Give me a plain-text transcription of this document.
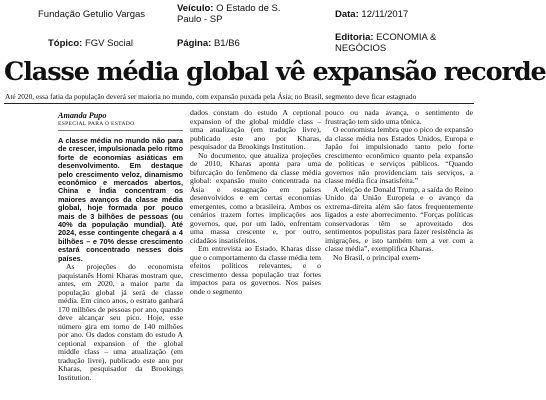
Fundação Getulio Vargas
Veículo: O Estado de S. Paulo - SP	Data: 12/11/2017
Tópico: FGV Social	Página: B1/B6
Editoria: ECONOMIA & NEGÓCIOS
Classe média global vê expansão recorde
Até 2020, essa fatia da população deverá ser maioria no mundo, com expansão puxada pela Ásia; no Brasil, segmento deve ficar estagnado
Amanda Pupo
ESPECIAL PARA O ESTADO

A classe média no mundo não para de crescer, impulsionada pelo ritmo forte de economias asiáticas em desenvolvimento. Em destaque pelo crescimento veloz, dinamismo econômico e mercados abertos, China e Índia concentram os maiores avanços da classe média global, hoje formada por pouco mais de 3 bilhões de pessoas (ou 40% da população mundial). Até 2024, esse contingente chegará a 4 bilhões – e 70% desse crescimento estará concentrado nesses dois países.

As projeções do economista paquistanês Homi Kharas mostram que, antes, em 2020, a maior parte da população global já será de classe média. Em cinco anos, o estrato ganhará 170 milhões de pessoas por ano, quando deve alcançar seu pico. Hoje, esse número gira em torno de 140 milhões por ano. Os dados constam do estudo A ceptional expansion of the global middle class – uma atualização (em tradução livre), publicado este ano por Kharas, pesquisador da Brookings Institution.

dados constam do estudo A ceptional expansion of the global middle class – uma atualização (em tradução livre), publicado este ano por Kharas, pesquisador da Brookings Institution.

No documento, que atualiza projeções de 2010, Kharas aponta para uma bifurcação do fenômeno da classe média global: expansão muito concentrada na Ásia e estagnação em países desenvolvidos e em certas economias emergentes, como a brasileira. Ambos os cenários trazem fortes implicações aos governos, que, por um lado, enfrentam uma massa crescente e, por outro, cidadãos insatisfeitos.

Em entrevista ao Estado, Kharas disse que o comportamento da classe média tem efeitos políticos relevantes, e o crescimento dessa população traz fortes impactos para os governos. Nos países onde o segmento

pouco ou nada avança, o sentimento de frustração tem sido uma tônica.

O economista lembra que o pico de expansão da classe média nos Estados Unidos, Europa e Japão foi impulsionado tanto pelo forte crescimento econômico quanto pela expansão de políticas e serviços públicos. “Quando governos não providenciam tais serviços, a classe média fica insatisfeita.”

A eleição de Donald Trump, a saída do Reino Unido da União Europeia e o avanço da extrema-direita além são fatos frequentemente ligados a este aborrecimento. “Forças políticas conservadoras têm se aproveitado dos sentimentos populistas para fazer resistência às imigrações, e isto também tem a ver com a classe média”, exemplifica Kharas.

No Brasil, o principal exem-
